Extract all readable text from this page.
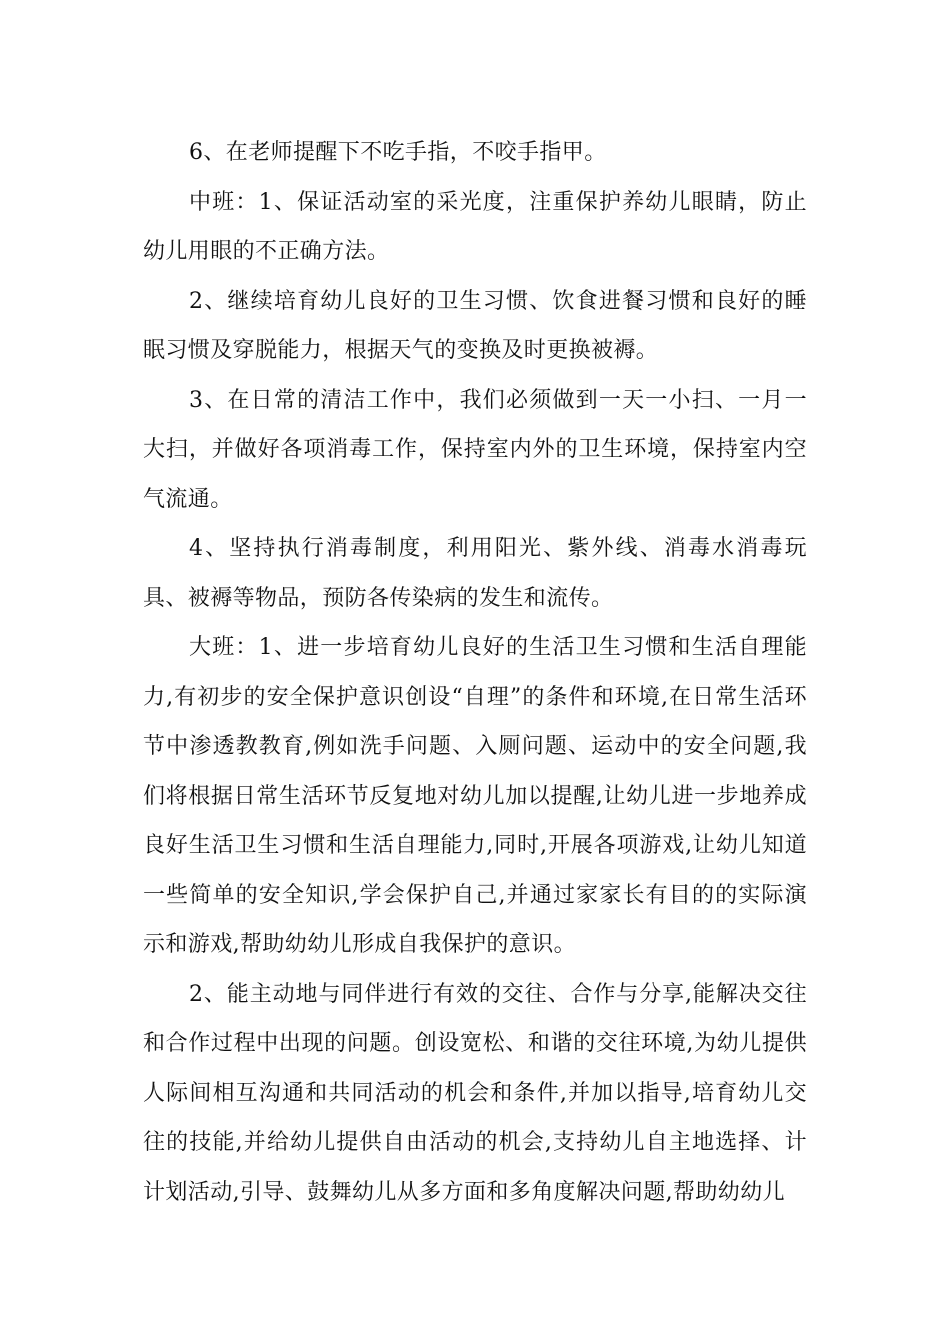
6、在老师提醒下不吃手指，不咬手指甲。

中班：1、保证活动室的采光度，注重保护养幼儿眼睛，防止幼儿用眼的不正确方法。

2、继续培育幼儿良好的卫生习惯、饮食进餐习惯和良好的睡眠习惯及穿脱能力，根据天气的变换及时更换被褥。

3、在日常的清洁工作中，我们必须做到一天一小扫、一月一大扫，并做好各项消毒工作，保持室内外的卫生环境，保持室内空气流通。

4、坚持执行消毒制度，利用阳光、紫外线、消毒水消毒玩具、被褥等物品，预防各传染病的发生和流传。

大班：1、进一步培育幼儿良好的生活卫生习惯和生活自理能力,有初步的安全保护意识创设“自理”的条件和环境,在日常生活环节中渗透教教育,例如洗手问题、入厕问题、运动中的安全问题,我们将根据日常生活环节反复地对幼儿加以提醒,让幼儿进一步地养成良好生活卫生习惯和生活自理能力,同时,开展各项游戏,让幼儿知道一些简单的安全知识,学会保护自己,并通过家家长有目的的实际演示和游戏,帮助幼幼儿形成自我保护的意识。

2、能主动地与同伴进行有效的交往、合作与分享,能解决交往和合作过程中出现的问题。创设宽松、和谐的交往环境,为幼儿提供人际间相互沟通和共同活动的机会和条件,并加以指导,培育幼儿交往的技能,并给幼儿提供自由活动的机会,支持幼儿自主地选择、计计划活动,引导、鼓舞幼儿从多方面和多角度解决问题,帮助幼幼儿
